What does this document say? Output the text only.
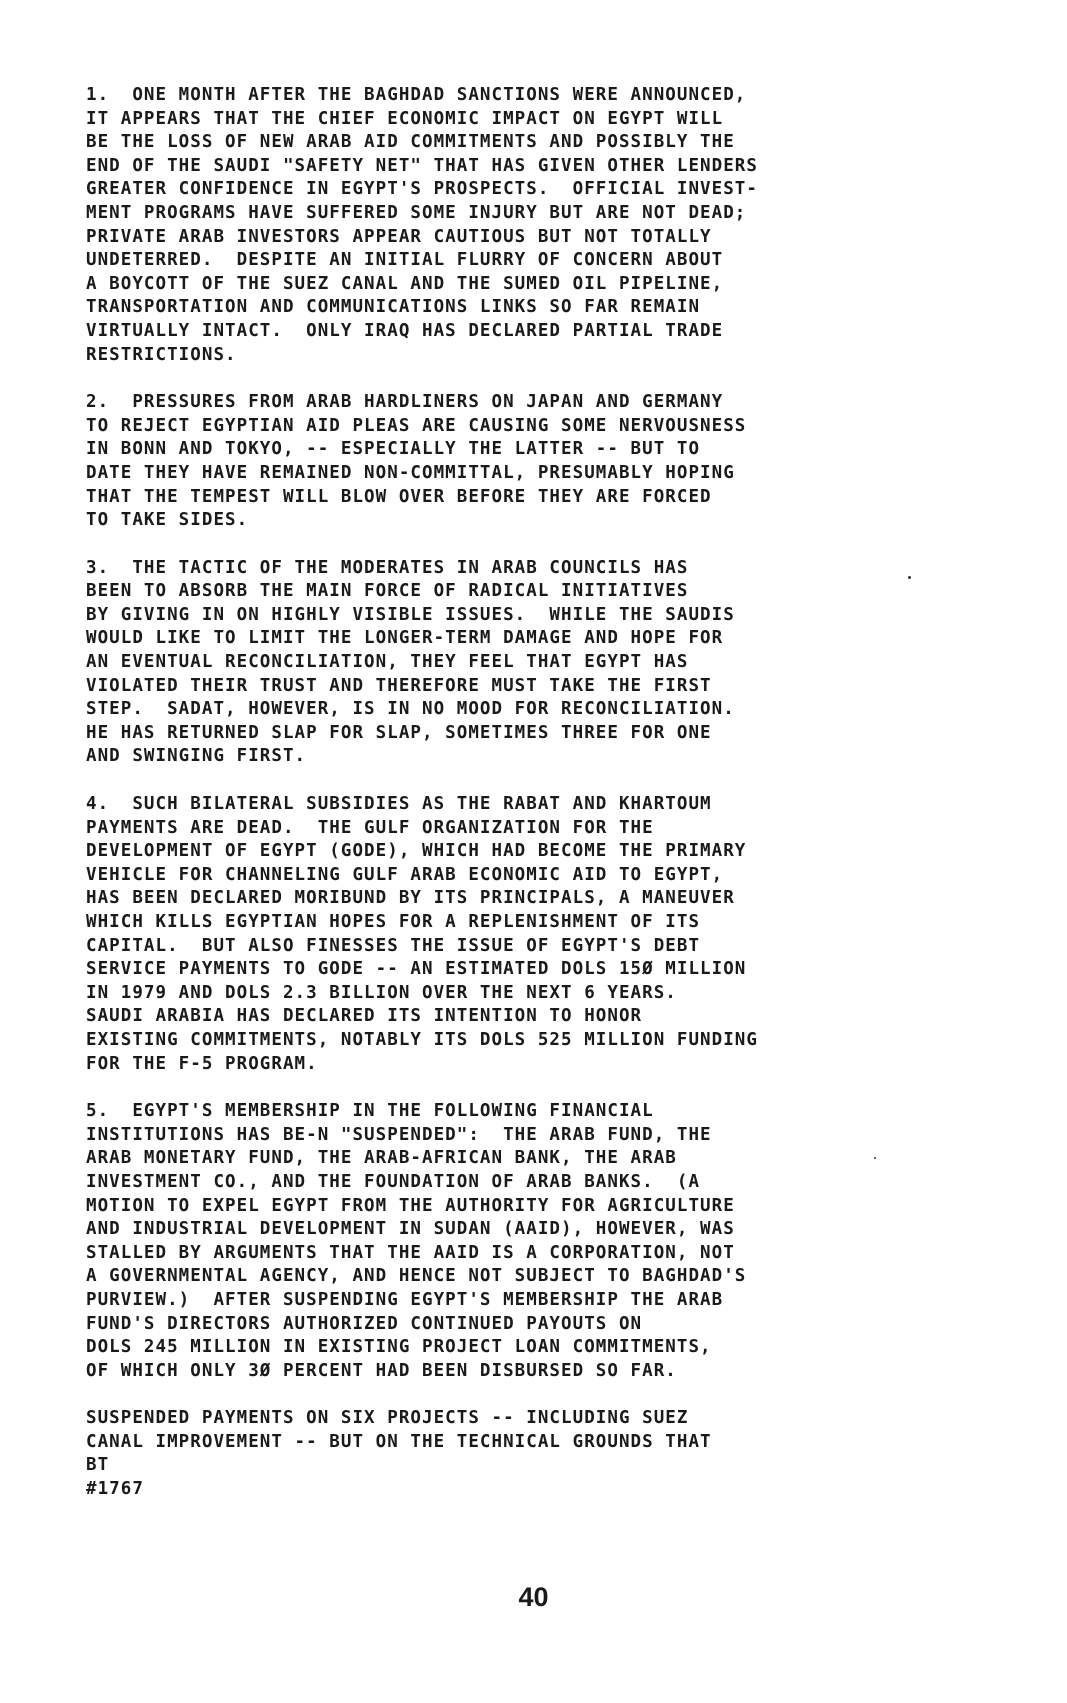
1.  ONE MONTH AFTER THE BAGHDAD SANCTIONS WERE ANNOUNCED,
IT APPEARS THAT THE CHIEF ECONOMIC IMPACT ON EGYPT WILL
BE THE LOSS OF NEW ARAB AID COMMITMENTS AND POSSIBLY THE
END OF THE SAUDI "SAFETY NET" THAT HAS GIVEN OTHER LENDERS
GREATER CONFIDENCE IN EGYPT'S PROSPECTS.  OFFICIAL INVEST-
MENT PROGRAMS HAVE SUFFERED SOME INJURY BUT ARE NOT DEAD;
PRIVATE ARAB INVESTORS APPEAR CAUTIOUS BUT NOT TOTALLY
UNDETERRED.  DESPITE AN INITIAL FLURRY OF CONCERN ABOUT
A BOYCOTT OF THE SUEZ CANAL AND THE SUMED OIL PIPELINE,
TRANSPORTATION AND COMMUNICATIONS LINKS SO FAR REMAIN
VIRTUALLY INTACT.  ONLY IRAQ HAS DECLARED PARTIAL TRADE
RESTRICTIONS.
2.  PRESSURES FROM ARAB HARDLINERS ON JAPAN AND GERMANY
TO REJECT EGYPTIAN AID PLEAS ARE CAUSING SOME NERVOUSNESS
IN BONN AND TOKYO, -- ESPECIALLY THE LATTER -- BUT TO
DATE THEY HAVE REMAINED NON-COMMITTAL, PRESUMABLY HOPING
THAT THE TEMPEST WILL BLOW OVER BEFORE THEY ARE FORCED
TO TAKE SIDES.
3.  THE TACTIC OF THE MODERATES IN ARAB COUNCILS HAS
BEEN TO ABSORB THE MAIN FORCE OF RADICAL INITIATIVES
BY GIVING IN ON HIGHLY VISIBLE ISSUES.  WHILE THE SAUDIS
WOULD LIKE TO LIMIT THE LONGER-TERM DAMAGE AND HOPE FOR
AN EVENTUAL RECONCILIATION, THEY FEEL THAT EGYPT HAS
VIOLATED THEIR TRUST AND THEREFORE MUST TAKE THE FIRST
STEP.  SADAT, HOWEVER, IS IN NO MOOD FOR RECONCILIATION.
HE HAS RETURNED SLAP FOR SLAP, SOMETIMES THREE FOR ONE
AND SWINGING FIRST.
4.  SUCH BILATERAL SUBSIDIES AS THE RABAT AND KHARTOUM
PAYMENTS ARE DEAD.  THE GULF ORGANIZATION FOR THE
DEVELOPMENT OF EGYPT (GODE), WHICH HAD BECOME THE PRIMARY
VEHICLE FOR CHANNELING GULF ARAB ECONOMIC AID TO EGYPT,
HAS BEEN DECLARED MORIBUND BY ITS PRINCIPALS, A MANEUVER
WHICH KILLS EGYPTIAN HOPES FOR A REPLENISHMENT OF ITS
CAPITAL.  BUT ALSO FINESSES THE ISSUE OF EGYPT'S DEBT
SERVICE PAYMENTS TO GODE -- AN ESTIMATED DOLS 15Ø MILLION
IN 1979 AND DOLS 2.3 BILLION OVER THE NEXT 6 YEARS.
SAUDI ARABIA HAS DECLARED ITS INTENTION TO HONOR
EXISTING COMMITMENTS, NOTABLY ITS DOLS 525 MILLION FUNDING
FOR THE F-5 PROGRAM.
5.  EGYPT'S MEMBERSHIP IN THE FOLLOWING FINANCIAL
INSTITUTIONS HAS BE-N "SUSPENDED":  THE ARAB FUND, THE
ARAB MONETARY FUND, THE ARAB-AFRICAN BANK, THE ARAB
INVESTMENT CO., AND THE FOUNDATION OF ARAB BANKS.  (A
MOTION TO EXPEL EGYPT FROM THE AUTHORITY FOR AGRICULTURE
AND INDUSTRIAL DEVELOPMENT IN SUDAN (AAID), HOWEVER, WAS
STALLED BY ARGUMENTS THAT THE AAID IS A CORPORATION, NOT
A GOVERNMENTAL AGENCY, AND HENCE NOT SUBJECT TO BAGHDAD'S
PURVIEW.)  AFTER SUSPENDING EGYPT'S MEMBERSHIP THE ARAB
FUND'S DIRECTORS AUTHORIZED CONTINUED PAYOUTS ON
DOLS 245 MILLION IN EXISTING PROJECT LOAN COMMITMENTS,
OF WHICH ONLY 3Ø PERCENT HAD BEEN DISBURSED SO FAR.
SUSPENDED PAYMENTS ON SIX PROJECTS -- INCLUDING SUEZ
CANAL IMPROVEMENT -- BUT ON THE TECHNICAL GROUNDS THAT
BT
#1767
40
